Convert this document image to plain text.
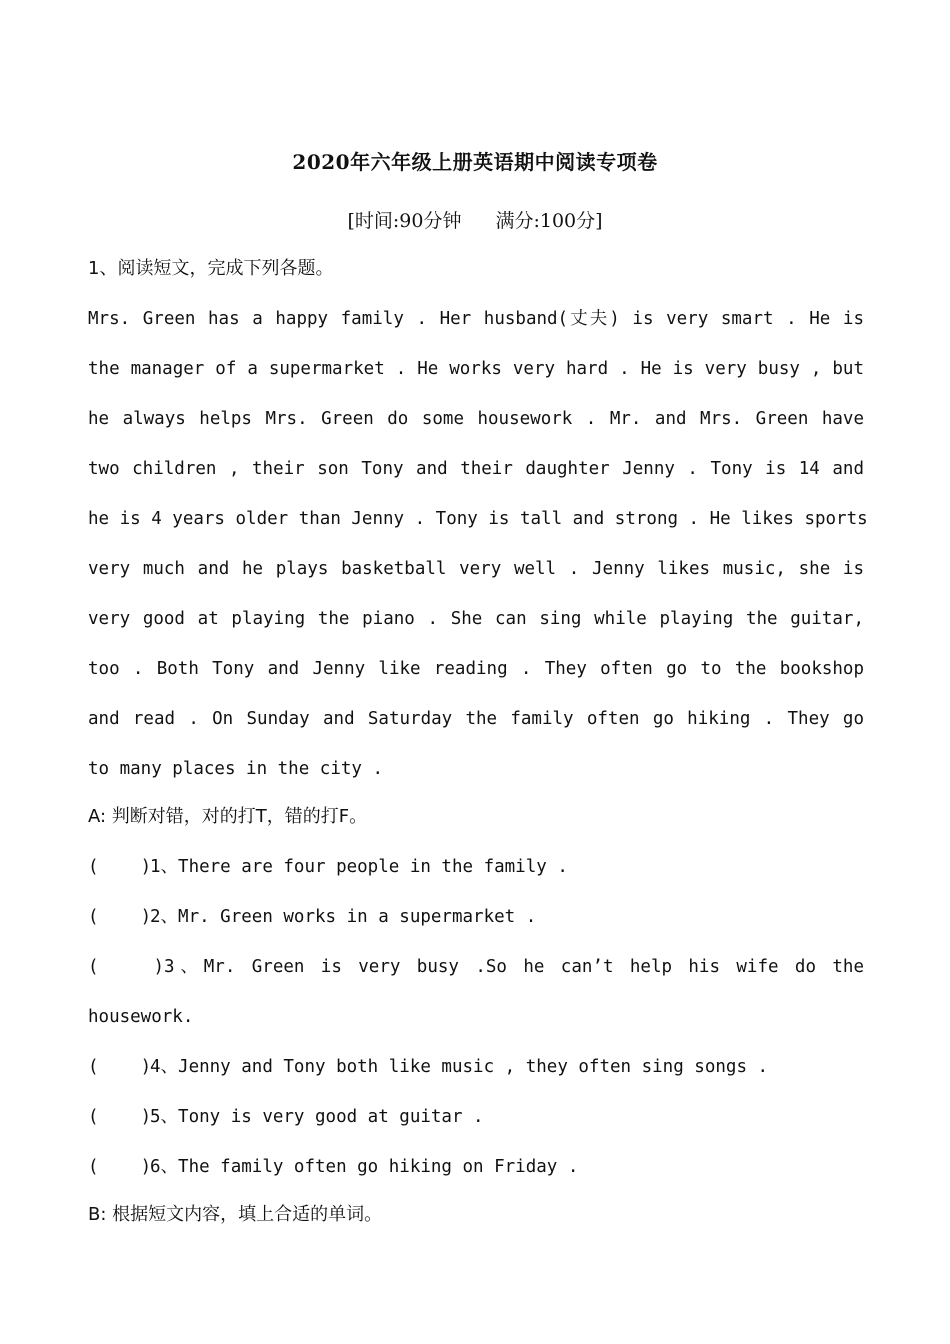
2020年六年级上册英语期中阅读专项卷
[时间:90分钟 满分:100分]
1、阅读短文，完成下列各题。
Mrs. Green has a happy family . Her husband(丈夫) is very smart . He is
the manager of a supermarket . He works very hard . He is very busy , but
he always helps Mrs. Green do some housework . Mr. and Mrs. Green have
two children , their son Tony and their daughter Jenny . Tony is 14 and
he is 4 years older than Jenny . Tony is tall and strong . He likes sports
very much and he plays basketball very well . Jenny likes music, she is
very good at playing the piano . She can sing while playing the guitar,
too . Both Tony and Jenny like reading . They often go to the bookshop
and read . On Sunday and Saturday the family often go hiking . They go
to many places in the city .
A: 判断对错，对的打T，错的打F。
(    )1、There are four people in the family .
(    )2、Mr. Green works in a supermarket .
(    )3、Mr. Green is very busy .So he can’t help his wife do the
housework.
(    )4、Jenny and Tony both like music , they often sing songs .
(    )5、Tony is very good at guitar .
(    )6、The family often go hiking on Friday .
B: 根据短文内容，填上合适的单词。
